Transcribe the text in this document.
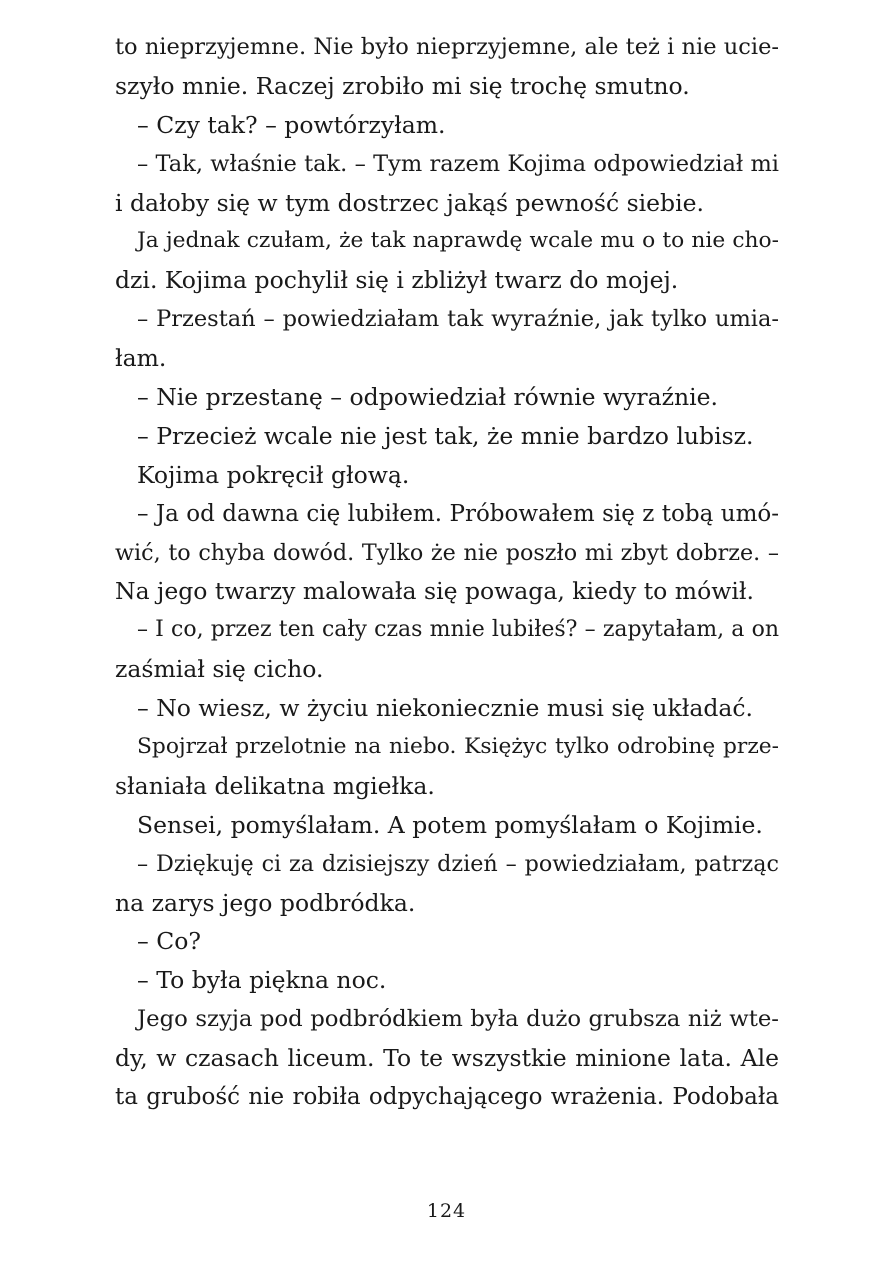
to nieprzyjemne. Nie było nieprzyjemne, ale też i nie ucie-
szyło mnie. Raczej zrobiło mi się trochę smutno.
– Czy tak? – powtórzyłam.
– Tak, właśnie tak. – Tym razem Kojima odpowiedział mi
i dałoby się w tym dostrzec jakąś pewność siebie.
Ja jednak czułam, że tak naprawdę wcale mu o to nie cho-
dzi. Kojima pochylił się i zbliżył twarz do mojej.
– Przestań – powiedziałam tak wyraźnie, jak tylko umia-
łam.
– Nie przestanę – odpowiedział równie wyraźnie.
– Przecież wcale nie jest tak, że mnie bardzo lubisz.
Kojima pokręcił głową.
– Ja od dawna cię lubiłem. Próbowałem się z tobą umó-
wić, to chyba dowód. Tylko że nie poszło mi zbyt dobrze. –
Na jego twarzy malowała się powaga, kiedy to mówił.
– I co, przez ten cały czas mnie lubiłeś? – zapytałam, a on
zaśmiał się cicho.
– No wiesz, w życiu niekoniecznie musi się układać.
Spojrzał przelotnie na niebo. Księżyc tylko odrobinę prze-
słaniała delikatna mgiełka.
Sensei, pomyślałam. A potem pomyślałam o Kojimie.
– Dziękuję ci za dzisiejszy dzień – powiedziałam, patrząc
na zarys jego podbródka.
– Co?
– To była piękna noc.
Jego szyja pod podbródkiem była dużo grubsza niż wte-
dy, w czasach liceum. To te wszystkie minione lata. Ale
ta grubość nie robiła odpychającego wrażenia. Podobała
124
